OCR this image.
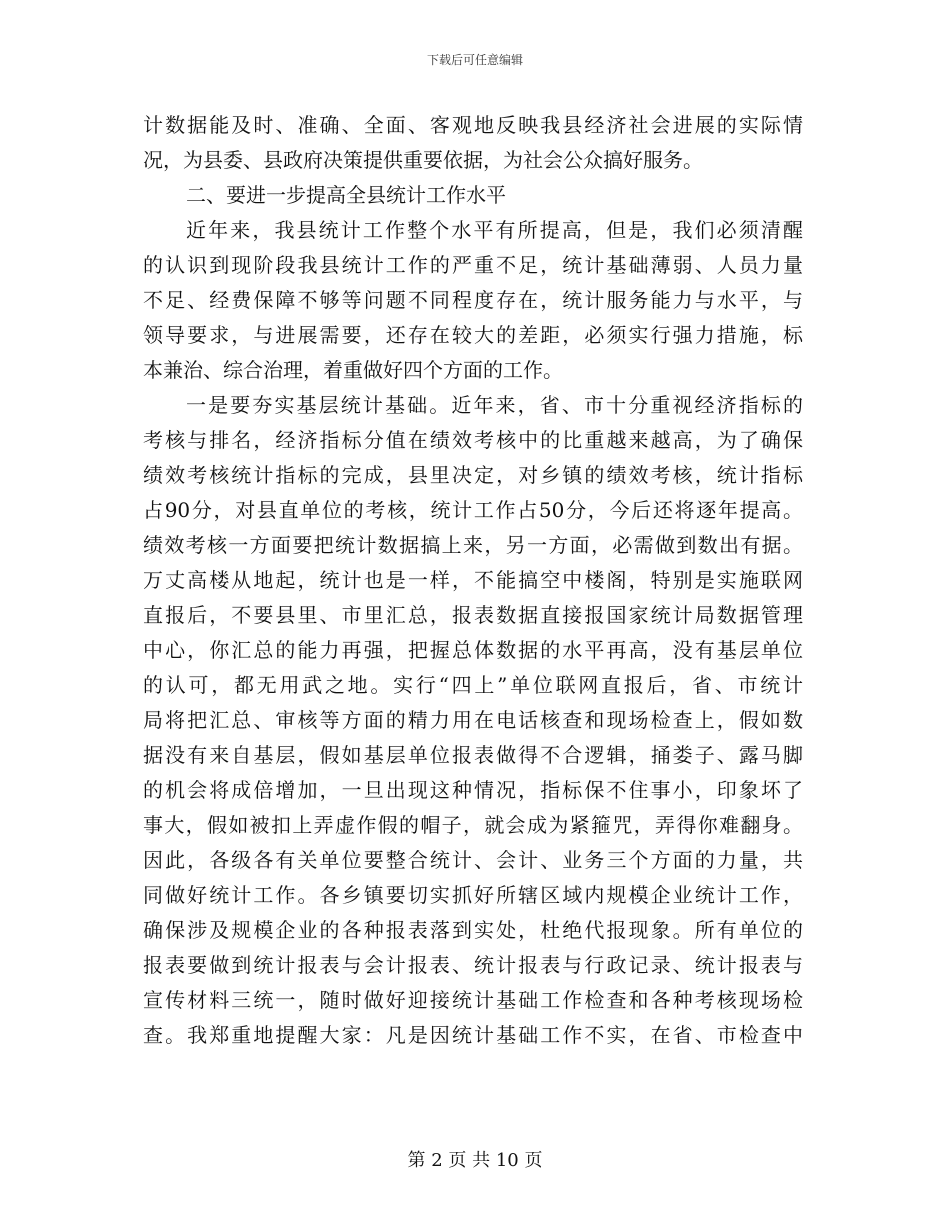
下载后可任意编辑
计数据能及时、准确、全面、客观地反映我县经济社会进展的实际情
况，为县委、县政府决策提供重要依据，为社会公众搞好服务。
二、要进一步提高全县统计工作水平
近年来，我县统计工作整个水平有所提高，但是，我们必须清醒
的认识到现阶段我县统计工作的严重不足，统计基础薄弱、人员力量
不足、经费保障不够等问题不同程度存在，统计服务能力与水平，与
领导要求，与进展需要，还存在较大的差距，必须实行强力措施，标
本兼治、综合治理，着重做好四个方面的工作。
一是要夯实基层统计基础。近年来，省、市十分重视经济指标的
考核与排名，经济指标分值在绩效考核中的比重越来越高，为了确保
绩效考核统计指标的完成，县里决定，对乡镇的绩效考核，统计指标
占90分，对县直单位的考核，统计工作占50分，今后还将逐年提高。
绩效考核一方面要把统计数据搞上来，另一方面，必需做到数出有据。
万丈高楼从地起，统计也是一样，不能搞空中楼阁，特别是实施联网
直报后，不要县里、市里汇总，报表数据直接报国家统计局数据管理
中心，你汇总的能力再强，把握总体数据的水平再高，没有基层单位
的认可，都无用武之地。实行“四上”单位联网直报后，省、市统计
局将把汇总、审核等方面的精力用在电话核查和现场检查上，假如数
据没有来自基层，假如基层单位报表做得不合逻辑，捅娄子、露马脚
的机会将成倍增加，一旦出现这种情况，指标保不住事小，印象坏了
事大，假如被扣上弄虚作假的帽子，就会成为紧箍咒，弄得你难翻身。
因此，各级各有关单位要整合统计、会计、业务三个方面的力量，共
同做好统计工作。各乡镇要切实抓好所辖区域内规模企业统计工作，
确保涉及规模企业的各种报表落到实处，杜绝代报现象。所有单位的
报表要做到统计报表与会计报表、统计报表与行政记录、统计报表与
宣传材料三统一，随时做好迎接统计基础工作检查和各种考核现场检
查。我郑重地提醒大家：凡是因统计基础工作不实，在省、市检查中
第 2 页 共 10 页
